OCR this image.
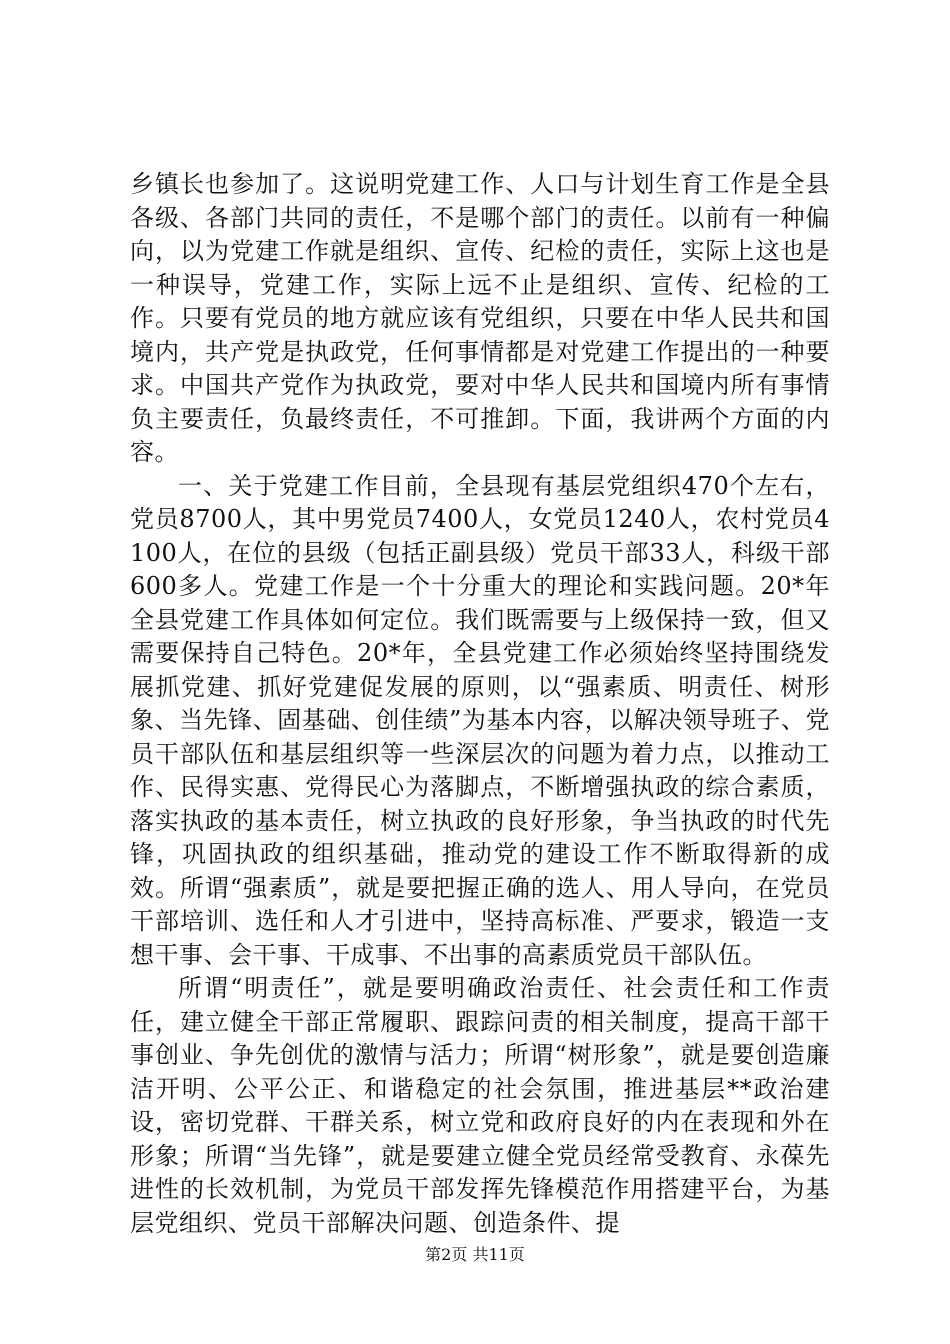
乡镇长也参加了。这说明党建工作、人口与计划生育工作是全县各级、各部门共同的责任，不是哪个部门的责任。以前有一种偏向，以为党建工作就是组织、宣传、纪检的责任，实际上这也是一种误导，党建工作，实际上远不止是组织、宣传、纪检的工作。只要有党员的地方就应该有党组织，只要在中华人民共和国境内，共产党是执政党，任何事情都是对党建工作提出的一种要求。中国共产党作为执政党，要对中华人民共和国境内所有事情负主要责任，负最终责任，不可推卸。下面，我讲两个方面的内容。

一、关于党建工作目前，全县现有基层党组织470个左右，党员8700人，其中男党员7400人，女党员1240人，农村党员4100人，在位的县级（包括正副县级）党员干部33人，科级干部600多人。党建工作是一个十分重大的理论和实践问题。20*年全县党建工作具体如何定位。我们既需要与上级保持一致，但又需要保持自己特色。20*年，全县党建工作必须始终坚持围绕发展抓党建、抓好党建促发展的原则，以“强素质、明责任、树形象、当先锋、固基础、创佳绩”为基本内容，以解决领导班子、党员干部队伍和基层组织等一些深层次的问题为着力点，以推动工作、民得实惠、党得民心为落脚点，不断增强执政的综合素质，落实执政的基本责任，树立执政的良好形象，争当执政的时代先锋，巩固执政的组织基础，推动党的建设工作不断取得新的成效。所谓“强素质”，就是要把握正确的选人、用人导向，在党员干部培训、选任和人才引进中，坚持高标准、严要求，锻造一支想干事、会干事、干成事、不出事的高素质党员干部队伍。

所谓“明责任”，就是要明确政治责任、社会责任和工作责任，建立健全干部正常履职、跟踪问责的相关制度，提高干部干事创业、争先创优的激情与活力；所谓“树形象”，就是要创造廉洁开明、公平公正、和谐稳定的社会氛围，推进基层**政治建设，密切党群、干群关系，树立党和政府良好的内在表现和外在形象；所谓“当先锋”，就是要建立健全党员经常受教育、永葆先进性的长效机制，为党员干部发挥先锋模范作用搭建平台，为基层党组织、党员干部解决问题、创造条件、提

第2页 共11页
